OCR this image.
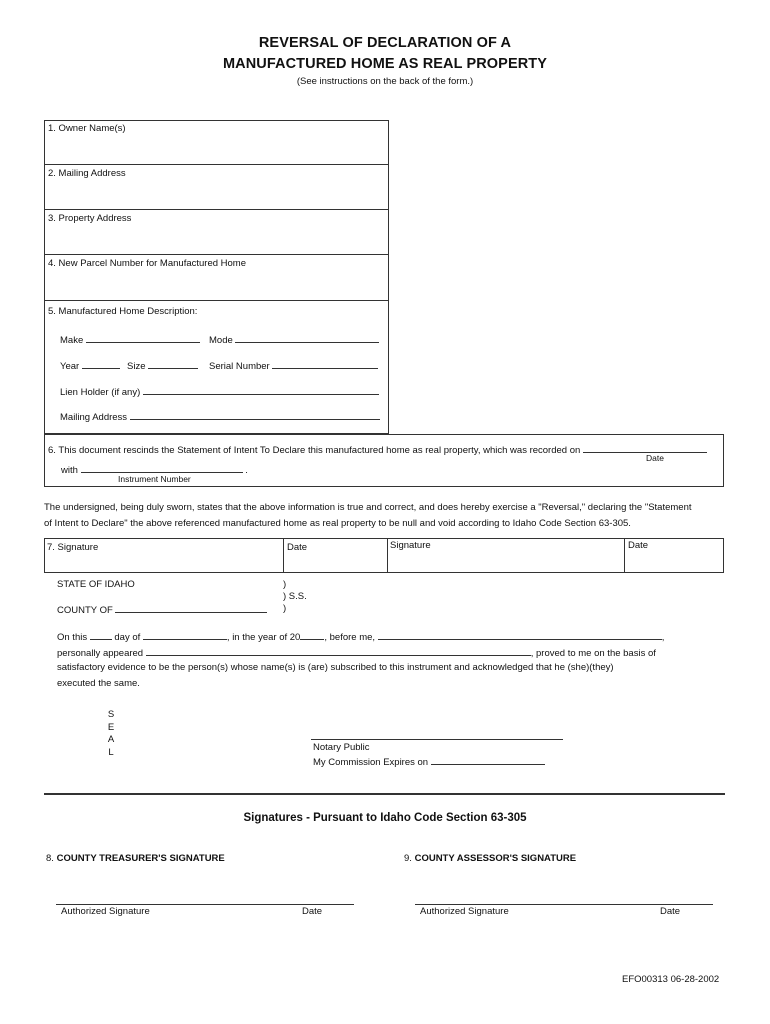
REVERSAL OF DECLARATION OF A
MANUFACTURED HOME AS REAL PROPERTY
(See instructions on the back of the form.)
1. Owner Name(s)
2. Mailing Address
3. Property Address
4. New Parcel Number for Manufactured Home
5. Manufactured Home Description:
Make	Mode
Year	Size	Serial Number
Lien Holder (if any)
Mailing Address
6. This document rescinds the Statement of Intent To Declare this manufactured home as real property, which was recorded on
Date
with	.
Instrument Number
The undersigned, being duly sworn, states that the above information is true and correct, and does hereby exercise a "Reversal," declaring the "Statement
of Intent to Declare" the above referenced manufactured home as real property to be null and void according to Idaho Code Section 63-305.
7. Signature	Date	Signature	Date
STATE OF IDAHO	)
) S.S.
)
COUNTY OF
On this	day of	, in the year of 20	, before me,	,
personally appeared	, proved to me on the basis of
satisfactory evidence to be the person(s) whose name(s) is (are) subscribed to this instrument and acknowledged that he (she)(they)
executed the same.
S
E
A
L	Notary Public
My Commission Expires on
Signatures - Pursuant to Idaho Code Section 63-305
8. COUNTY TREASURER'S SIGNATURE	9. COUNTY ASSESSOR'S SIGNATURE
Authorized Signature	Date	Authorized Signature	Date
EFO00313 06-28-2002
